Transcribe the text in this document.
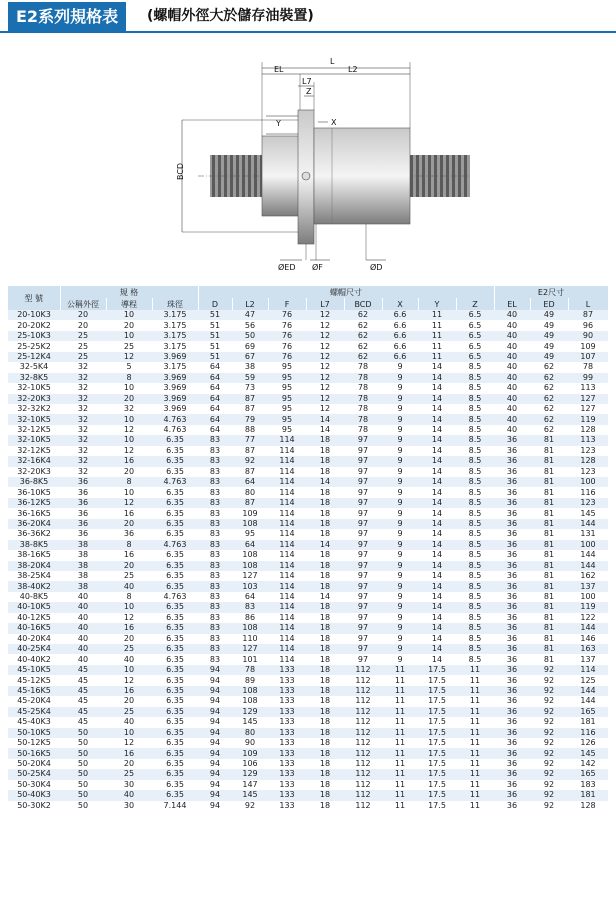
E2系列規格表	(螺帽外徑大於儲存油裝置)
L
EL	L2
L7
Z
Y	X
BCD
ØED ØF	ØD
型 號	規 格			螺帽尺寸								E2尺寸		
	公稱外徑	導程	珠徑	D	L2	F	L7	BCD	X	Y	Z	EL	ED	L
20-10K3	20	10	3.175	51	47	76	12	62	6.6	11	6.5	40	49	87
20-20K2	20	20	3.175	51	56	76	12	62	6.6	11	6.5	40	49	96
25-10K3	25	10	3.175	51	50	76	12	62	6.6	11	6.5	40	49	90
25-25K2	25	25	3.175	51	69	76	12	62	6.6	11	6.5	40	49	109
25-12K4	25	12	3.969	51	67	76	12	62	6.6	11	6.5	40	49	107
32-5K4	32	5	3.175	64	38	95	12	78	9	14	8.5	40	62	78
32-8K5	32	8	3.969	64	59	95	12	78	9	14	8.5	40	62	99
32-10K5	32	10	3.969	64	73	95	12	78	9	14	8.5	40	62	113
32-20K3	32	20	3.969	64	87	95	12	78	9	14	8.5	40	62	127
32-32K2	32	32	3.969	64	87	95	12	78	9	14	8.5	40	62	127
32-10K5	32	10	4.763	64	79	95	14	78	9	14	8.5	40	62	119
32-12K5	32	12	4.763	64	88	95	14	78	9	14	8.5	40	62	128
32-10K5	32	10	6.35	83	77	114	18	97	9	14	8.5	36	81	113
32-12K5	32	12	6.35	83	87	114	18	97	9	14	8.5	36	81	123
32-16K4	32	16	6.35	83	92	114	18	97	9	14	8.5	36	81	128
32-20K3	32	20	6.35	83	87	114	18	97	9	14	8.5	36	81	123
36-8K5	36	8	4.763	83	64	114	14	97	9	14	8.5	36	81	100
36-10K5	36	10	6.35	83	80	114	18	97	9	14	8.5	36	81	116
36-12K5	36	12	6.35	83	87	114	18	97	9	14	8.5	36	81	123
36-16K5	36	16	6.35	83	109	114	18	97	9	14	8.5	36	81	145
36-20K4	36	20	6.35	83	108	114	18	97	9	14	8.5	36	81	144
36-36K2	36	36	6.35	83	95	114	18	97	9	14	8.5	36	81	131
38-8K5	38	8	4.763	83	64	114	14	97	9	14	8.5	36	81	100
38-16K5	38	16	6.35	83	108	114	18	97	9	14	8.5	36	81	144
38-20K4	38	20	6.35	83	108	114	18	97	9	14	8.5	36	81	144
38-25K4	38	25	6.35	83	127	114	18	97	9	14	8.5	36	81	162
38-40K2	38	40	6.35	83	103	114	18	97	9	14	8.5	36	81	137
40-8K5	40	8	4.763	83	64	114	14	97	9	14	8.5	36	81	100
40-10K5	40	10	6.35	83	83	114	18	97	9	14	8.5	36	81	119
40-12K5	40	12	6.35	83	86	114	18	97	9	14	8.5	36	81	122
40-16K5	40	16	6.35	83	108	114	18	97	9	14	8.5	36	81	144
40-20K4	40	20	6.35	83	110	114	18	97	9	14	8.5	36	81	146
40-25K4	40	25	6.35	83	127	114	18	97	9	14	8.5	36	81	163
40-40K2	40	40	6.35	83	101	114	18	97	9	14	8.5	36	81	137
45-10K5	45	10	6.35	94	78	133	18	112	11	17.5	11	36	92	114
45-12K5	45	12	6.35	94	89	133	18	112	11	17.5	11	36	92	125
45-16K5	45	16	6.35	94	108	133	18	112	11	17.5	11	36	92	144
45-20K4	45	20	6.35	94	108	133	18	112	11	17.5	11	36	92	144
45-25K4	45	25	6.35	94	129	133	18	112	11	17.5	11	36	92	165
45-40K3	45	40	6.35	94	145	133	18	112	11	17.5	11	36	92	181
50-10K5	50	10	6.35	94	80	133	18	112	11	17.5	11	36	92	116
50-12K5	50	12	6.35	94	90	133	18	112	11	17.5	11	36	92	126
50-16K5	50	16	6.35	94	109	133	18	112	11	17.5	11	36	92	145
50-20K4	50	20	6.35	94	106	133	18	112	11	17.5	11	36	92	142
50-25K4	50	25	6.35	94	129	133	18	112	11	17.5	11	36	92	165
50-30K4	50	30	6.35	94	147	133	18	112	11	17.5	11	36	92	183
50-40K3	50	40	6.35	94	145	133	18	112	11	17.5	11	36	92	181
50-30K2	50	30	7.144	94	92	133	18	112	11	17.5	11	36	92	128
